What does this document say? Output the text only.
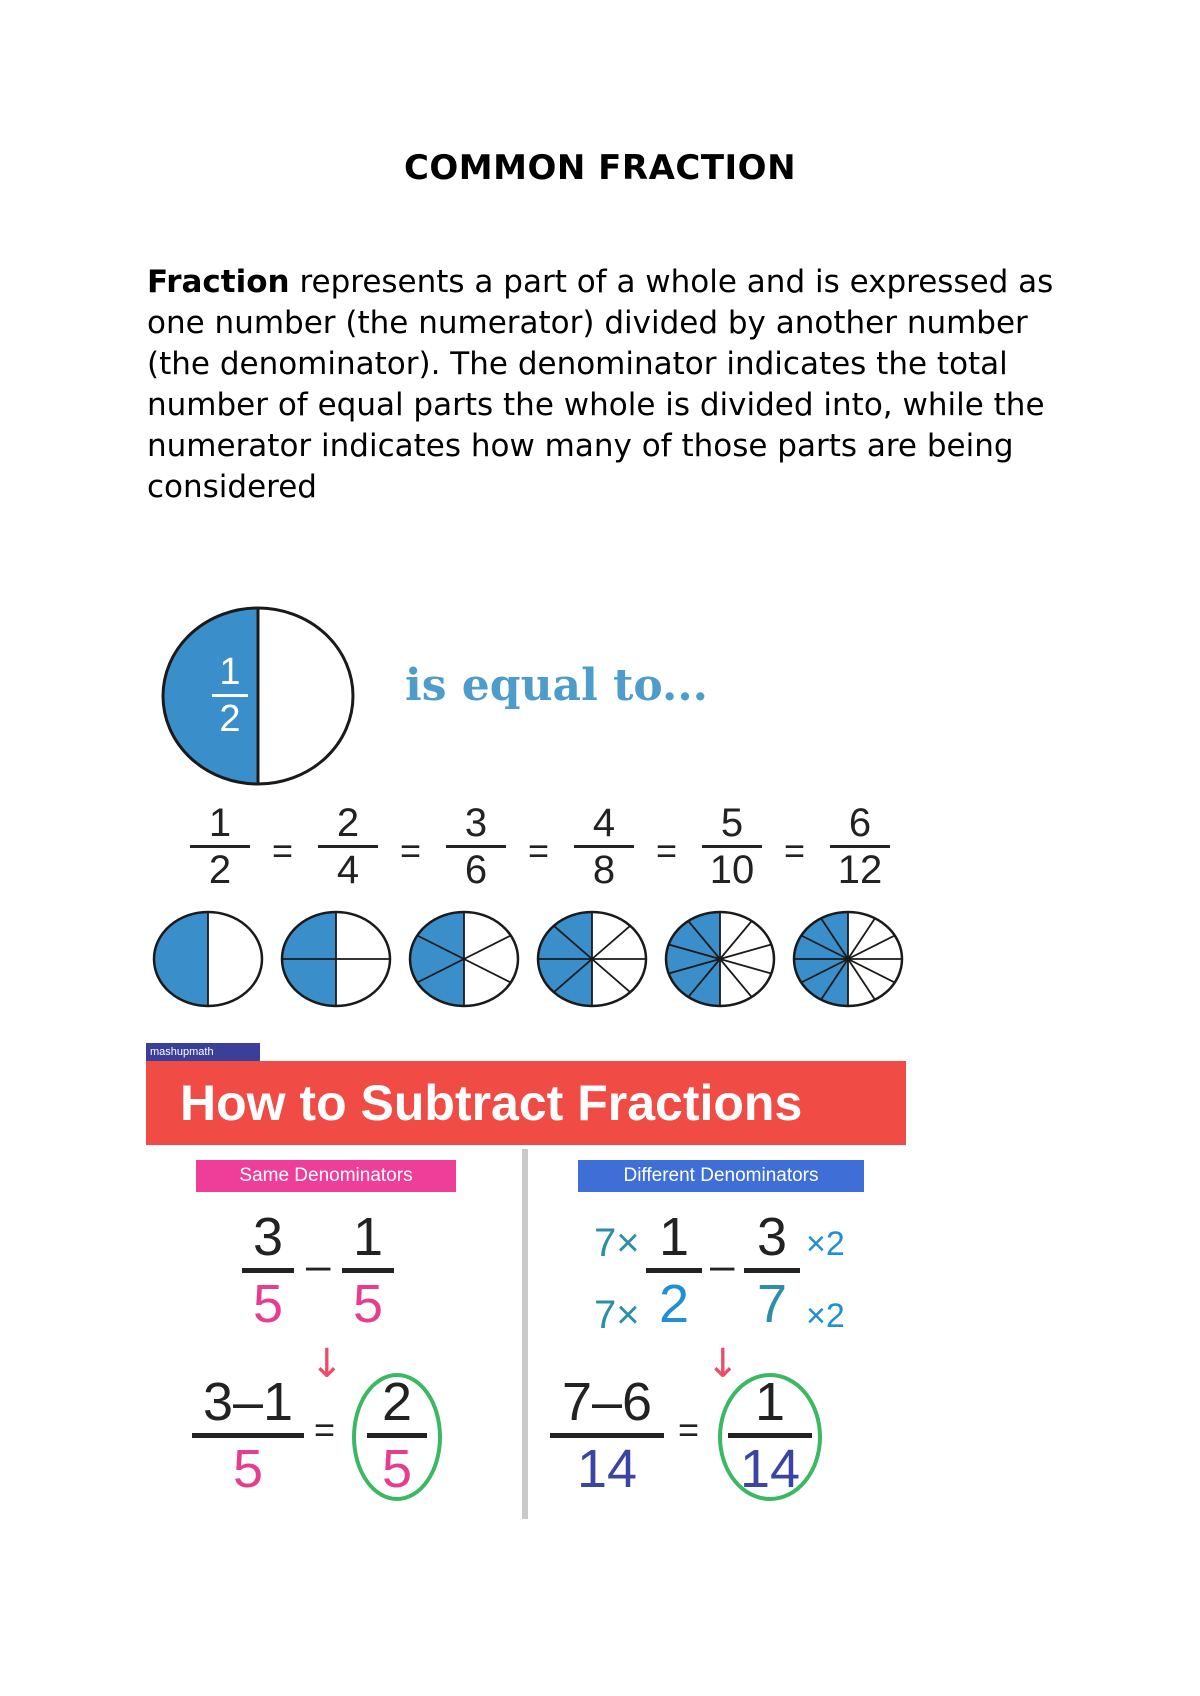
COMMON FRACTION

Fraction represents a part of a whole and is expressed as one number (the numerator) divided by another number (the denominator). The denominator indicates the total number of equal parts the whole is divided into, while the numerator indicates how many of those parts are being considered

1
2
is equal to...
1
2	=
2
4	=
3
6	=
4
8	=
5
10 =
6
12
mashupmath
How to Subtract Fractions
Same Denominators	Different Denominators
3
5
– 1
5
↓
3–1
5
= 2
5
7×
7×
1
2
– 3
7
×2
×2
↓
7–6
14
=	1
14
